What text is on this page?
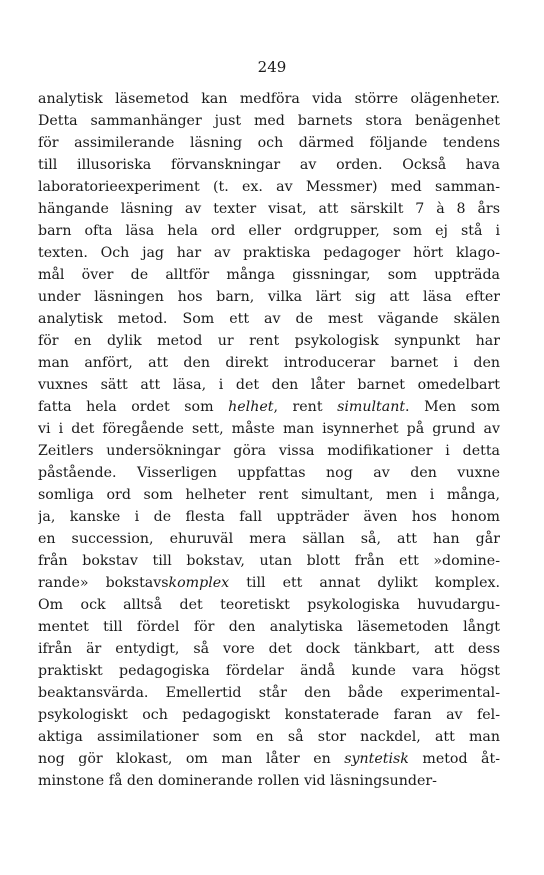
249
analytisk läsemetod kan medföra vida större olägenheter.
Detta sammanhänger just med barnets stora benägenhet
för assimilerande läsning och därmed följande tendens
till illusoriska förvanskningar av orden. Också hava
laboratorieexperiment (t. ex. av Messmer) med samman-
hängande läsning av texter visat, att särskilt 7 à 8 års
barn ofta läsa hela ord eller ordgrupper, som ej stå i
texten. Och jag har av praktiska pedagoger hört klago-
mål över de alltför många gissningar, som uppträda
under läsningen hos barn, vilka lärt sig att läsa efter
analytisk metod. Som ett av de mest vägande skälen
för en dylik metod ur rent psykologisk synpunkt har
man anfört, att den direkt introducerar barnet i den
vuxnes sätt att läsa, i det den låter barnet omedelbart
fatta hela ordet som helhet, rent simultant. Men som
vi i det föregående sett, måste man isynnerhet på grund av
Zeitlers undersökningar göra vissa modifikationer i detta
påstående. Visserligen uppfattas nog av den vuxne
somliga ord som helheter rent simultant, men i många,
ja, kanske i de flesta fall uppträder även hos honom
en succession, ehuruväl mera sällan så, att han går
från bokstav till bokstav, utan blott från ett »domine-
rande» bokstavskomplex till ett annat dylikt komplex.
Om ock alltså det teoretiskt psykologiska huvudargu-
mentet till fördel för den analytiska läsemetoden långt
ifrån är entydigt, så vore det dock tänkbart, att dess
praktiskt pedagogiska fördelar ändå kunde vara högst
beaktansvärda. Emellertid står den både experimental-
psykologiskt och pedagogiskt konstaterade faran av fel-
aktiga assimilationer som en så stor nackdel, att man
nog gör klokast, om man låter en syntetisk metod åt-
minstone få den dominerande rollen vid läsningsunder-
